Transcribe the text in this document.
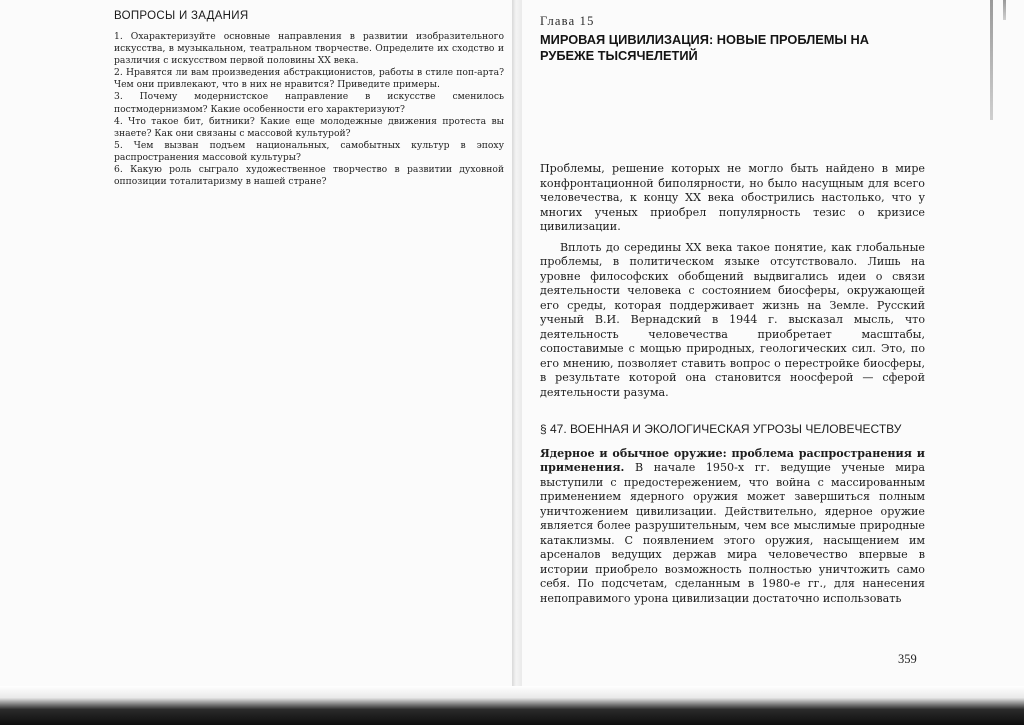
ВОПРОСЫ И ЗАДАНИЯ

1. Охарактеризуйте основные направления в развитии изобразительного искусства, в музыкальном, театральном творчестве. Определите их сходство и различия с искусством первой половины XX века.

2. Нравятся ли вам произведения абстракционистов, работы в стиле поп-арта? Чем они привлекают, что в них не нравится? Приведите примеры.

3. Почему модернистское направление в искусстве сменилось постмодернизмом? Какие особенности его характеризуют?

4. Что такое бит, битники? Какие еще молодежные движения протеста вы знаете? Как они связаны с массовой культурой?

5. Чем вызван подъем национальных, самобытных культур в эпоху распространения массовой культуры?

6. Какую роль сыграло художественное творчество в развитии духовной оппозиции тоталитаризму в нашей стране?

Глава 15

МИРОВАЯ ЦИВИЛИЗАЦИЯ: НОВЫЕ ПРОБЛЕМЫ НА РУБЕЖЕ ТЫСЯЧЕЛЕТИЙ

Проблемы, решение которых не могло быть найдено в мире конфронтационной биполярности, но было насущным для всего человечества, к концу XX века обострились настолько, что у многих ученых приобрел популярность тезис о кризисе цивилизации.

Вплоть до середины XX века такое понятие, как глобальные проблемы, в политическом языке отсутствовало. Лишь на уровне философских обобщений выдвигались идеи о связи деятельности человека с состоянием биосферы, окружающей его среды, которая поддерживает жизнь на Земле. Русский ученый В.И. Вернадский в 1944 г. высказал мысль, что деятельность человечества приобретает масштабы, сопоставимые с мощью природных, геологических сил. Это, по его мнению, позволяет ставить вопрос о перестройке биосферы, в результате которой она становится ноосферой — сферой деятельности разума.

§ 47. ВОЕННАЯ И ЭКОЛОГИЧЕСКАЯ УГРОЗЫ ЧЕЛОВЕЧЕСТВУ

Ядерное и обычное оружие: проблема распространения и применения. В начале 1950-х гг. ведущие ученые мира выступили с предостережением, что война с массированным применением ядерного оружия может завершиться полным уничтожением цивилизации. Действительно, ядерное оружие является более разрушительным, чем все мыслимые природные катаклизмы. С появлением этого оружия, насыщением им арсеналов ведущих держав мира человечество впервые в истории приобрело возможность полностью уничтожить само себя. По подсчетам, сделанным в 1980-е гг., для нанесения непоправимого урона цивилизации достаточно использовать

359
